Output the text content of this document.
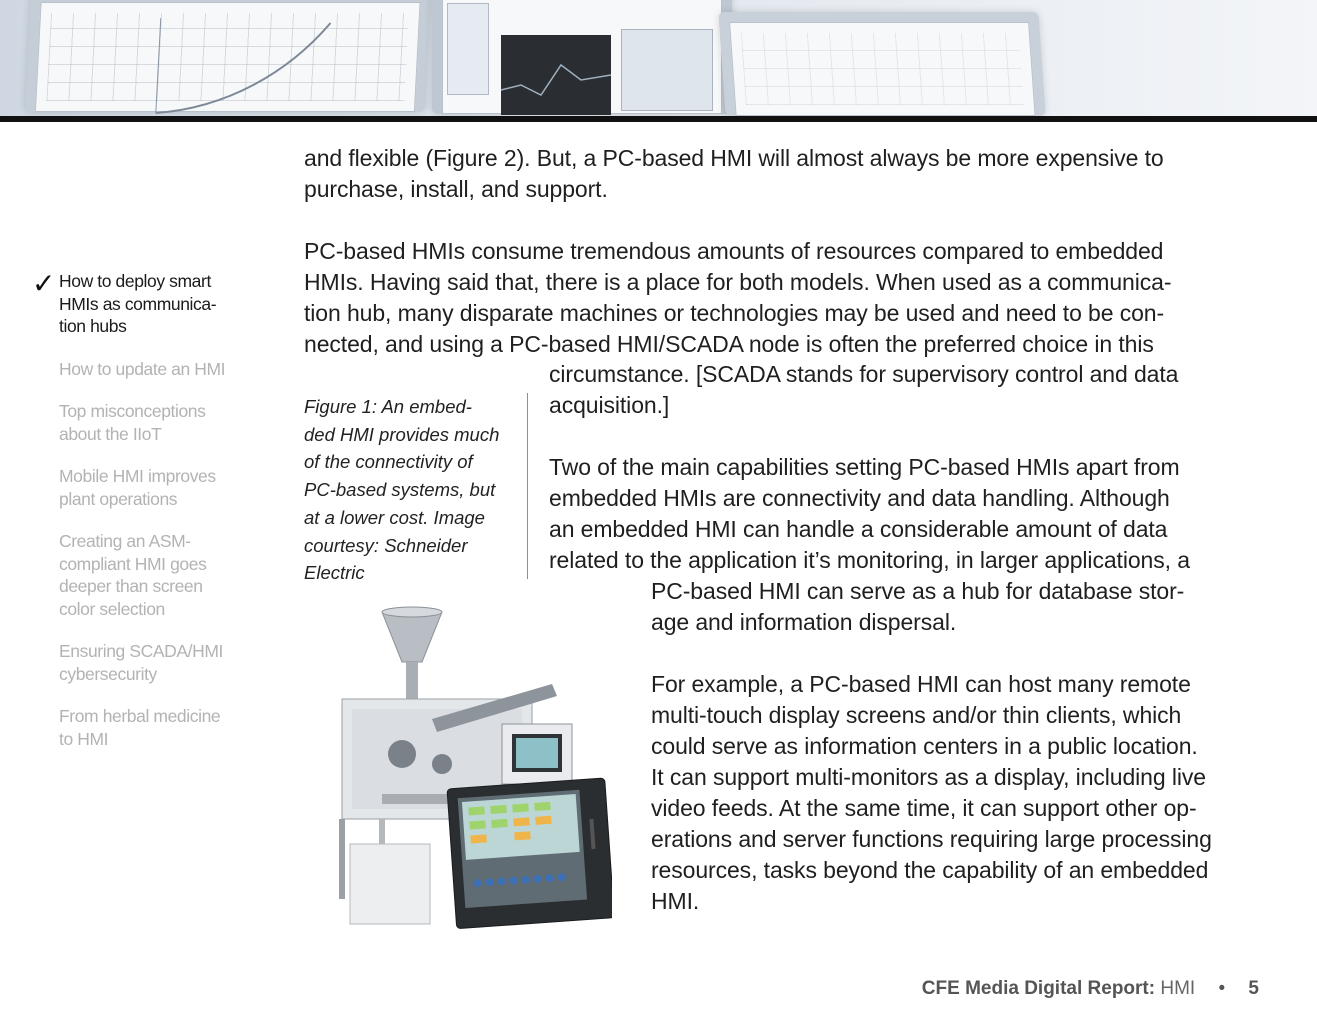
✓ How to deploy smart
HMIs as communica-
tion hubs
How to update an HMI
Top misconceptions
about the IIoT
Mobile HMI improves
plant operations
Creating an ASM-
compliant HMI goes
deeper than screen
color selection
Ensuring SCADA/HMI
cybersecurity
From herbal medicine
to HMI
and flexible (Figure 2). But, a PC-based HMI will almost always be more expensive to
purchase, install, and support.
PC-based HMIs consume tremendous amounts of resources compared to embedded
HMIs. Having said that, there is a place for both models. When used as a communica-
tion hub, many disparate machines or technologies may be used and need to be con-
nected, and using a PC-based HMI/SCADA node is often the preferred choice in this
circumstance. [SCADA stands for supervisory control and data
acquisition.]
Two of the main capabilities setting PC-based HMIs apart from
embedded HMIs are connectivity and data handling. Although
an embedded HMI can handle a considerable amount of data
related to the application it’s monitoring, in larger applications, a
PC-based HMI can serve as a hub for database stor-
age and information dispersal.
For example, a PC-based HMI can host many remote
multi-touch display screens and/or thin clients, which
could serve as information centers in a public location.
It can support multi-monitors as a display, including live
video feeds. At the same time, it can support other op-
erations and server functions requiring large processing
resources, tasks beyond the capability of an embedded
HMI.
Figure 1: An embed-
ded HMI provides much
of the connectivity of
PC-based systems, but
at a lower cost. Image
courtesy: Schneider
Electric
CFE Media Digital Report: HMI • 5
